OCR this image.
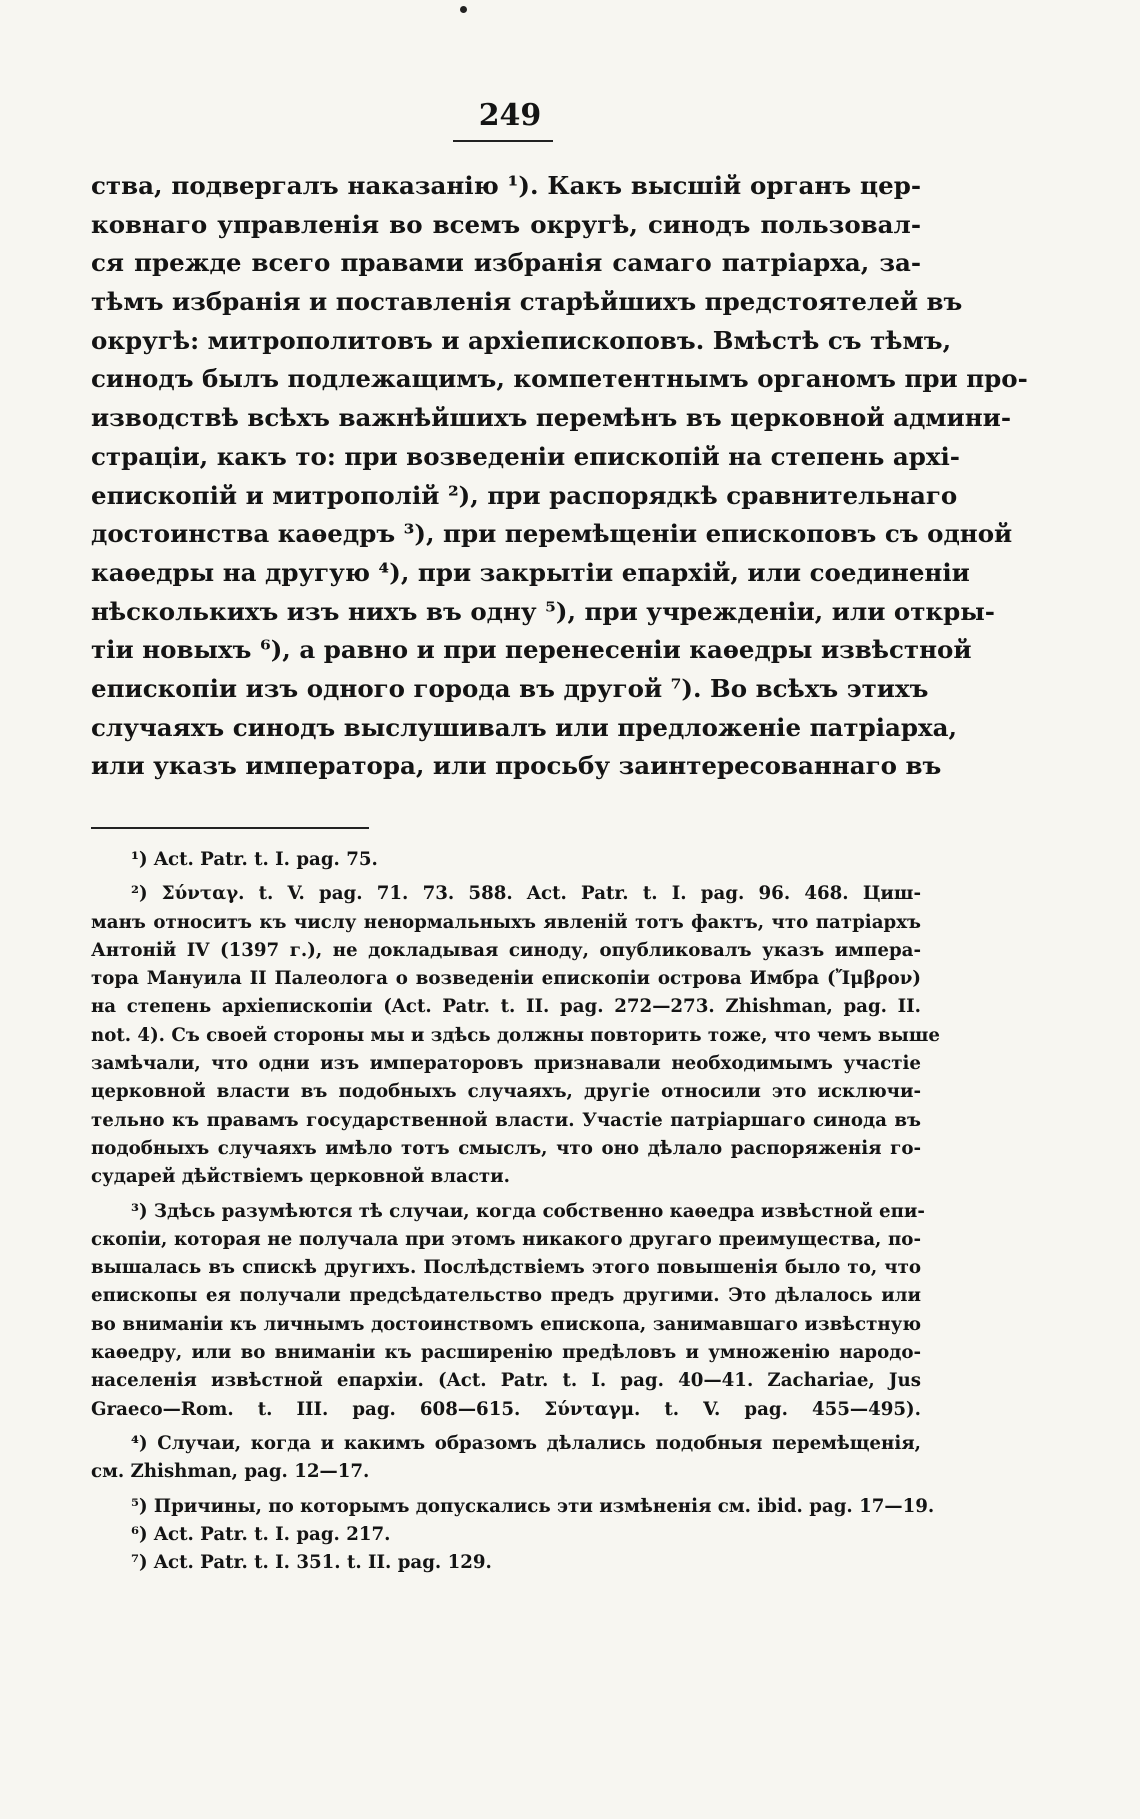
249
ства, подвергалъ наказанію ¹). Какъ высшій органъ цер-
ковнаго управленія во всемъ округѣ, синодъ пользовал-
ся прежде всего правами избранія самаго патріарха, за-
тѣмъ избранія и поставленія старѣйшихъ предстоятелей въ
округѣ: митрополитовъ и архіепископовъ. Вмѣстѣ съ тѣмъ,
синодъ былъ подлежащимъ, компетентнымъ органомъ при про-
изводствѣ всѣхъ важнѣйшихъ перемѣнъ въ церковной админи-
страціи, какъ то: при возведеніи епископій на степень архі-
епископій и митрополій ²), при распорядкѣ сравнительнаго
достоинства каѳедръ ³), при перемѣщеніи епископовъ съ одной
каѳедры на другую ⁴), при закрытіи епархій, или соединеніи
нѣсколькихъ изъ нихъ въ одну ⁵), при учрежденіи, или откры-
тіи новыхъ ⁶), а равно и при перенесеніи каѳедры извѣстной
епископіи изъ одного города въ другой ⁷). Во всѣхъ этихъ
случаяхъ синодъ выслушивалъ или предложеніе патріарха,
или указъ императора, или просьбу заинтересованнаго въ
¹) Act. Patr. t. I. pag. 75.
²) Σύνταγ. t. V. pag. 71. 73. 588. Act. Patr. t. I. pag. 96. 468. Циш-
манъ относитъ къ числу ненормальныхъ явленій тотъ фактъ, что патріархъ
Антоній IV (1397 г.), не докладывая синоду, опубликовалъ указъ импера-
тора Мануила II Палеолога о возведеніи епископіи острова Имбра (Ἴμβρον)
на степень архіепископіи (Act. Patr. t. II. pag. 272—273. Zhishman, pag. II.
not. 4). Съ своей стороны мы и здѣсь должны повторить тоже, что чемъ выше
замѣчали, что одни изъ императоровъ признавали необходимымъ участіе
церковной власти въ подобныхъ случаяхъ, другіе относили это исключи-
тельно къ правамъ государственной власти. Участіе патріаршаго синода въ
подобныхъ случаяхъ имѣло тотъ смыслъ, что оно дѣлало распоряженія го-
сударей дѣйствіемъ церковной власти.
³) Здѣсь разумѣются тѣ случаи, когда собственно каѳедра извѣстной епи-
скопіи, которая не получала при этомъ никакого другаго преимущества, по-
вышалась въ спискѣ другихъ. Послѣдствіемъ этого повышенія было то, что
епископы ея получали предсѣдательство предъ другими. Это дѣлалось или
во вниманіи къ личнымъ достоинствомъ епископа, занимавшаго извѣстную
каѳедру, или во вниманіи къ расширенію предѣловъ и умноженію народо-
населенія извѣстной епархіи. (Act. Patr. t. I. pag. 40—41. Zachariae, Jus
Graeco—Rom. t. III. pag. 608—615. Σύνταγμ. t. V. pag. 455—495).
⁴) Случаи, когда и какимъ образомъ дѣлались подобныя перемѣщенія,
см. Zhishman, pag. 12—17.
⁵) Причины, по которымъ допускались эти измѣненія см. ibid. pag. 17—19.
⁶) Act. Patr. t. I. pag. 217.
⁷) Act. Patr. t. I. 351. t. II. pag. 129.
